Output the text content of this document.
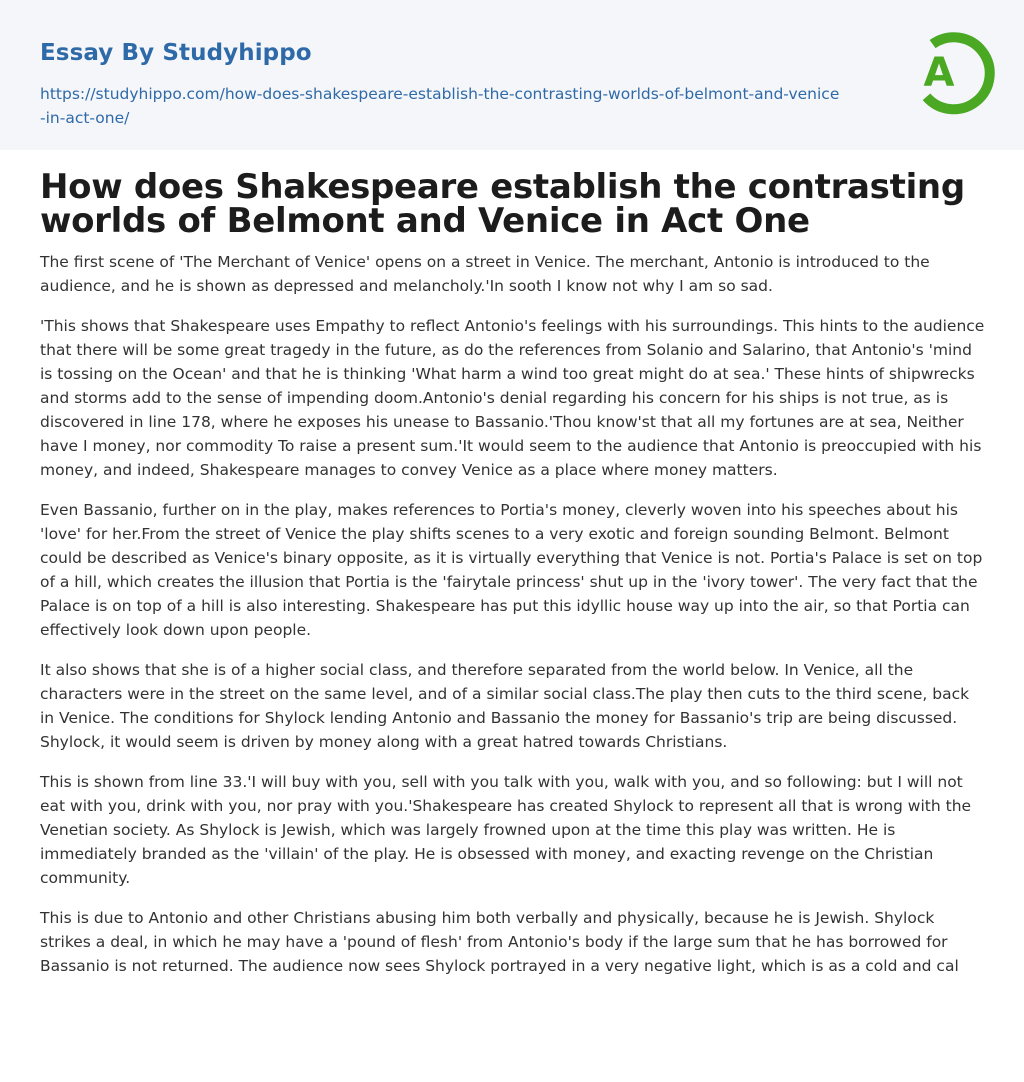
Essay By Studyhippo
https://studyhippo.com/how-does-shakespeare-establish-the-contrasting-worlds-of-belmont-and-venice-in-act-one/
A
How does Shakespeare establish the contrasting worlds of Belmont and Venice in Act One

The first scene of 'The Merchant of Venice' opens on a street in Venice. The merchant, Antonio is introduced to the audience, and he is shown as depressed and melancholy.'In sooth I know not why I am so sad.

'This shows that Shakespeare uses Empathy to reflect Antonio's feelings with his surroundings. This hints to the audience that there will be some great tragedy in the future, as do the references from Solanio and Salarino, that Antonio's 'mind is tossing on the Ocean' and that he is thinking 'What harm a wind too great might do at sea.' These hints of shipwrecks and storms add to the sense of impending doom.Antonio's denial regarding his concern for his ships is not true, as is discovered in line 178, where he exposes his unease to Bassanio.'Thou know'st that all my fortunes are at sea, Neither have I money, nor commodity To raise a present sum.'It would seem to the audience that Antonio is preoccupied with his money, and indeed, Shakespeare manages to convey Venice as a place where money matters.

Even Bassanio, further on in the play, makes references to Portia's money, cleverly woven into his speeches about his 'love' for her.From the street of Venice the play shifts scenes to a very exotic and foreign sounding Belmont. Belmont could be described as Venice's binary opposite, as it is virtually everything that Venice is not. Portia's Palace is set on top of a hill, which creates the illusion that Portia is the 'fairytale princess' shut up in the 'ivory tower'. The very fact that the Palace is on top of a hill is also interesting. Shakespeare has put this idyllic house way up into the air, so that Portia can effectively look down upon people.

It also shows that she is of a higher social class, and therefore separated from the world below. In Venice, all the characters were in the street on the same level, and of a similar social class.The play then cuts to the third scene, back in Venice. The conditions for Shylock lending Antonio and Bassanio the money for Bassanio's trip are being discussed. Shylock, it would seem is driven by money along with a great hatred towards Christians.

This is shown from line 33.'I will buy with you, sell with you talk with you, walk with you, and so following: but I will not eat with you, drink with you, nor pray with you.'Shakespeare has created Shylock to represent all that is wrong with the Venetian society. As Shylock is Jewish, which was largely frowned upon at the time this play was written. He is immediately branded as the 'villain' of the play. He is obsessed with money, and exacting revenge on the Christian community.

This is due to Antonio and other Christians abusing him both verbally and physically, because he is Jewish. Shylock strikes a deal, in which he may have a 'pound of flesh' from Antonio's body if the large sum that he has borrowed for Bassanio is not returned. The audience now sees Shylock portrayed in a very negative light, which is as a cold and cal
